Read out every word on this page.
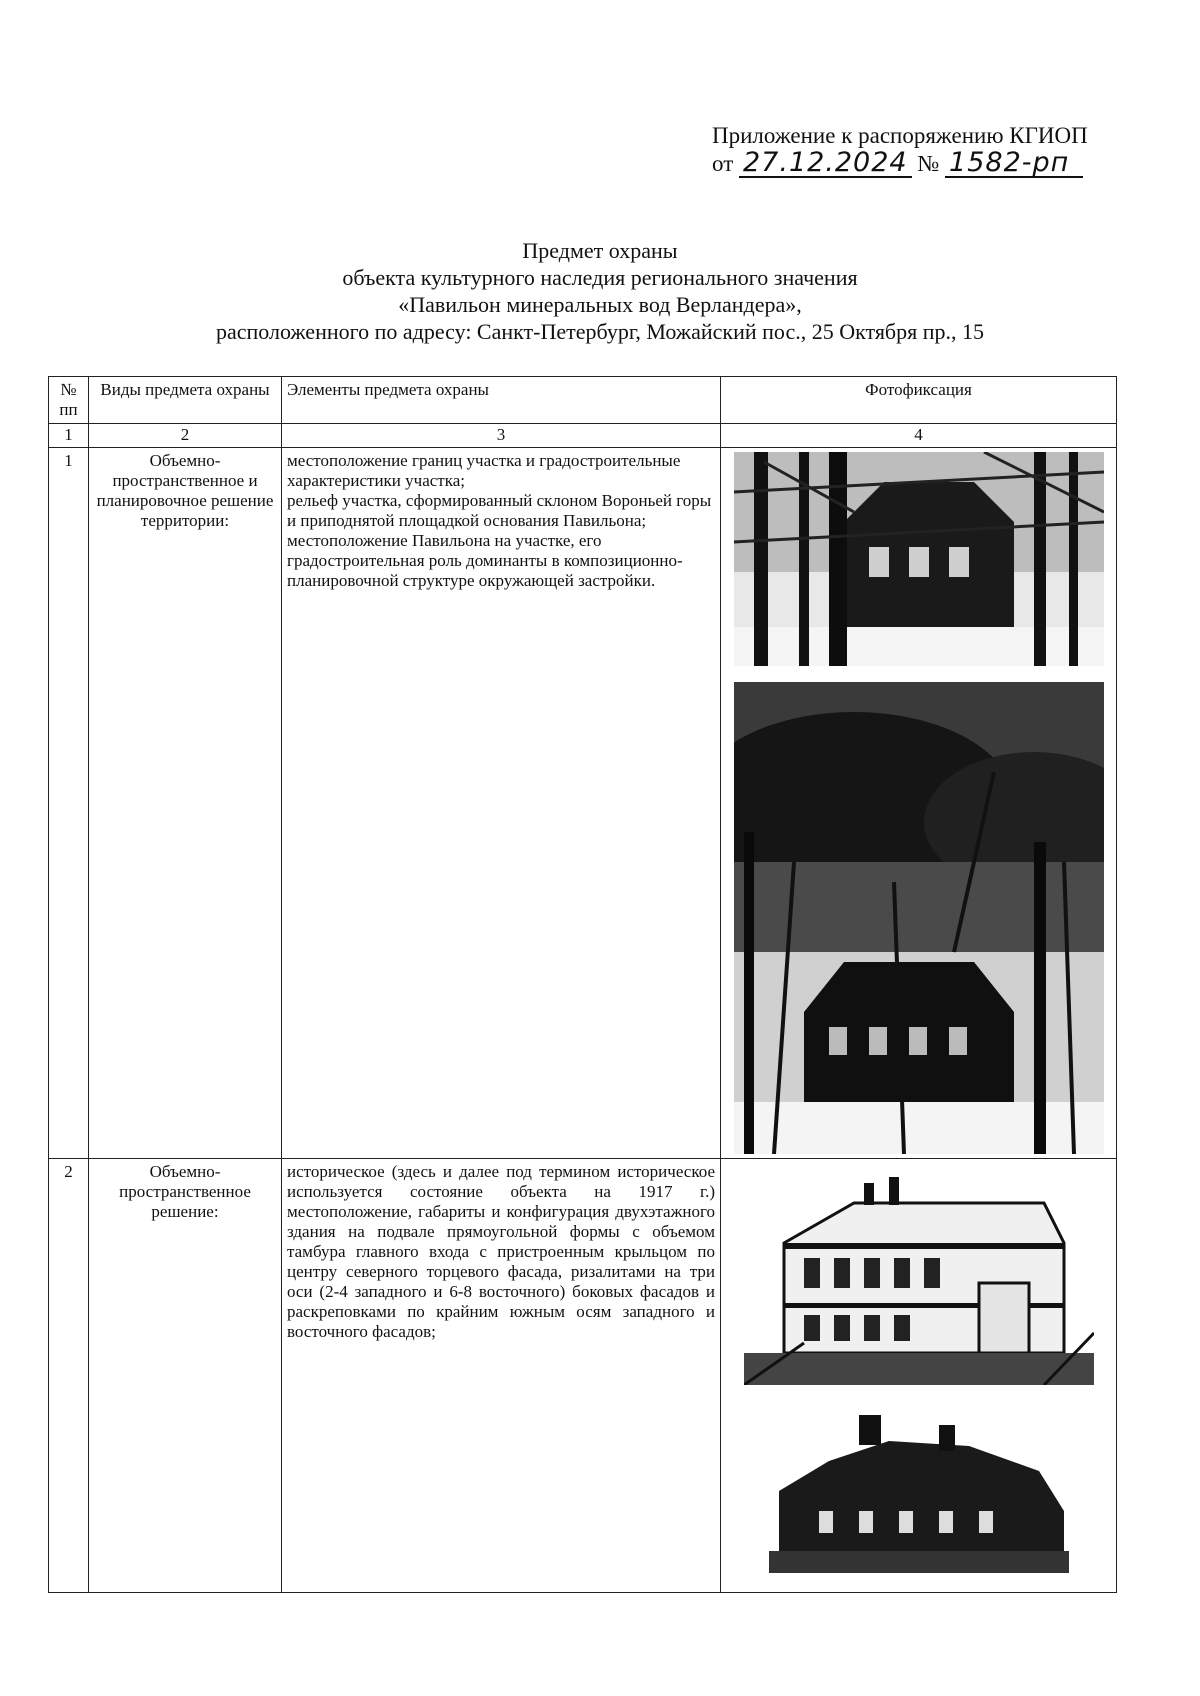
Приложение к распоряжению КГИОП
от 27.12.2024 № 1582-рп
Предмет охраны
объекта культурного наследия регионального значения
«Павильон минеральных вод Верландера»,
расположенного по адресу: Санкт-Петербург, Можайский пос., 25 Октября пр., 15
№ пп	Виды предмета охраны	Элементы предмета охраны	Фотофиксация
1	2	3	4
1	Объемно-пространственное и планировочное решение территории:	местоположение границ участка и градостроительные характеристики участка;
рельеф участка, сформированный склоном Вороньей горы и приподнятой площадкой основания Павильона;
местоположение Павильона на участке, его градостроительная роль доминанты в композиционно-планировочной структуре окружающей застройки.

2	Объемно-пространственное решение:	историческое (здесь и далее под термином историческое используется состояние объекта на 1917 г.) местоположение, габариты и конфигурация двухэтажного здания на подвале прямоугольной формы с объемом тамбура главного входа с пристроенным крыльцом по центру северного торцевого фасада, ризалитами на три оси (2-4 западного и 6-8 восточного) боковых фасадов и раскреповками по крайним южным осям западного и восточного фасадов;
